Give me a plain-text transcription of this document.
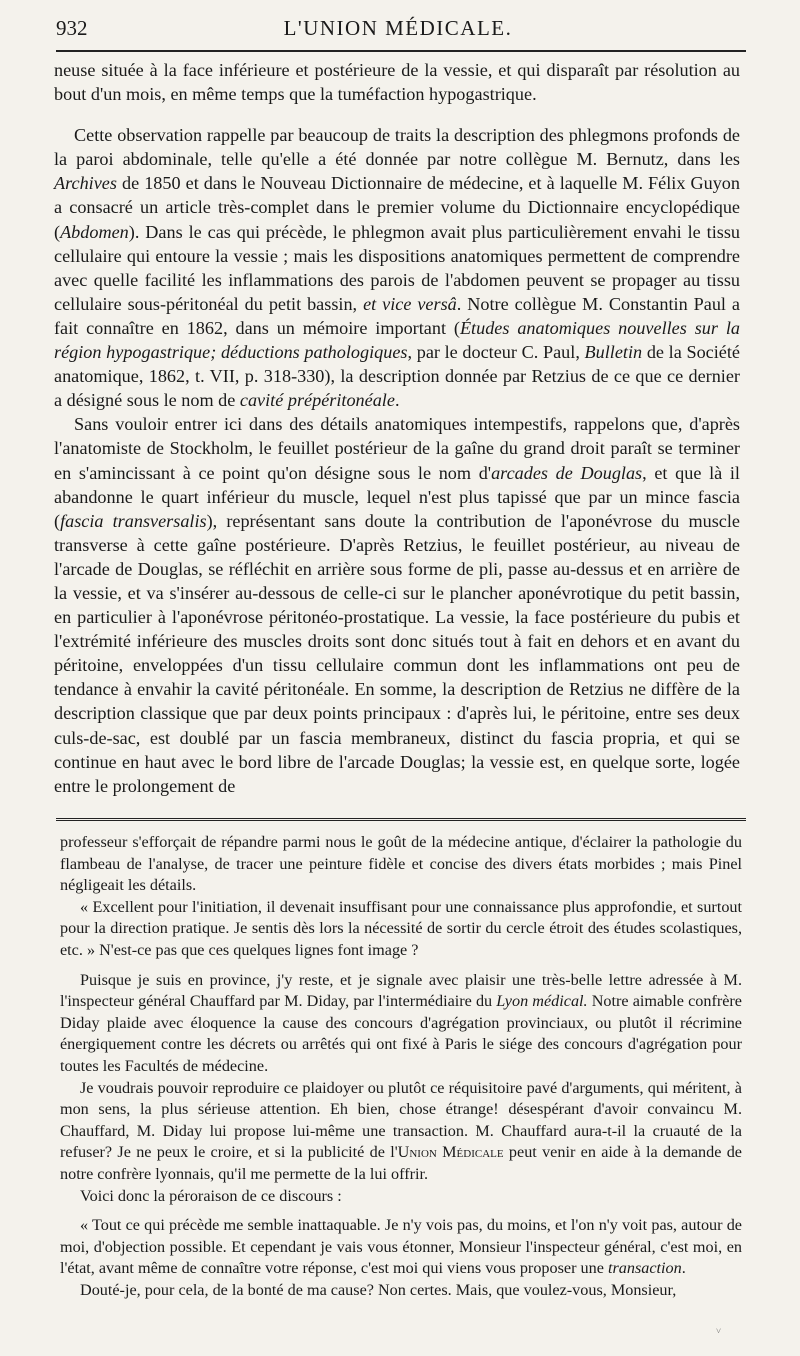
932	L'UNION MÉDICALE.

neuse située à la face inférieure et postérieure de la vessie, et qui disparaît par résolution au bout d'un mois, en même temps que la tuméfaction hypogastrique.

Cette observation rappelle par beaucoup de traits la description des phlegmons profonds de la paroi abdominale, telle qu'elle a été donnée par notre collègue M. Bernutz, dans les Archives de 1850 et dans le Nouveau Dictionnaire de médecine, et à laquelle M. Félix Guyon a consacré un article très-complet dans le premier volume du Dictionnaire encyclopédique (Abdomen). Dans le cas qui précède, le phlegmon avait plus particulièrement envahi le tissu cellulaire qui entoure la vessie ; mais les dispositions anatomiques permettent de comprendre avec quelle facilité les inflammations des parois de l'abdomen peuvent se propager au tissu cellulaire sous-péritonéal du petit bassin, et vice versâ. Notre collègue M. Constantin Paul a fait connaître en 1862, dans un mémoire important (Études anatomiques nouvelles sur la région hypogastrique; déductions pathologiques, par le docteur C. Paul, Bulletin de la Société anatomique, 1862, t. VII, p. 318-330), la description donnée par Retzius de ce que ce dernier a désigné sous le nom de cavité prépéritonéale.

Sans vouloir entrer ici dans des détails anatomiques intempestifs, rappelons que, d'après l'anatomiste de Stockholm, le feuillet postérieur de la gaîne du grand droit paraît se terminer en s'amincissant à ce point qu'on désigne sous le nom d'arcades de Douglas, et que là il abandonne le quart inférieur du muscle, lequel n'est plus tapissé que par un mince fascia (fascia transversalis), représentant sans doute la contribution de l'aponévrose du muscle transverse à cette gaîne postérieure. D'après Retzius, le feuillet postérieur, au niveau de l'arcade de Douglas, se réfléchit en arrière sous forme de pli, passe au-dessus et en arrière de la vessie, et va s'insérer au-dessous de celle-ci sur le plancher aponévrotique du petit bassin, en particulier à l'aponévrose péritonéo-prostatique. La vessie, la face postérieure du pubis et l'extrémité inférieure des muscles droits sont donc situés tout à fait en dehors et en avant du péritoine, enveloppées d'un tissu cellulaire commun dont les inflammations ont peu de tendance à envahir la cavité péritonéale. En somme, la description de Retzius ne diffère de la description classique que par deux points principaux : d'après lui, le péritoine, entre ses deux culs-de-sac, est doublé par un fascia membraneux, distinct du fascia propria, et qui se continue en haut avec le bord libre de l'arcade Douglas; la vessie est, en quelque sorte, logée entre le prolongement de

professeur s'efforçait de répandre parmi nous le goût de la médecine antique, d'éclairer la pathologie du flambeau de l'analyse, de tracer une peinture fidèle et concise des divers états morbides ; mais Pinel négligeait les détails.

« Excellent pour l'initiation, il devenait insuffisant pour une connaissance plus approfondie, et surtout pour la direction pratique. Je sentis dès lors la nécessité de sortir du cercle étroit des études scolastiques, etc. » N'est-ce pas que ces quelques lignes font image ?

Puisque je suis en province, j'y reste, et je signale avec plaisir une très-belle lettre adressée à M. l'inspecteur général Chauffard par M. Diday, par l'intermédiaire du Lyon médical. Notre aimable confrère Diday plaide avec éloquence la cause des concours d'agrégation provinciaux, ou plutôt il récrimine énergiquement contre les décrets ou arrêtés qui ont fixé à Paris le siége des concours d'agrégation pour toutes les Facultés de médecine.

Je voudrais pouvoir reproduire ce plaidoyer ou plutôt ce réquisitoire pavé d'arguments, qui méritent, à mon sens, la plus sérieuse attention. Eh bien, chose étrange! désespérant d'avoir convaincu M. Chauffard, M. Diday lui propose lui-même une transaction. M. Chauffard aura-t-il la cruauté de la refuser? Je ne peux le croire, et si la publicité de l'Union Médicale peut venir en aide à la demande de notre confrère lyonnais, qu'il me permette de la lui offrir.

Voici donc la péroraison de ce discours :

« Tout ce qui précède me semble inattaquable. Je n'y vois pas, du moins, et l'on n'y voit pas, autour de moi, d'objection possible. Et cependant je vais vous étonner, Monsieur l'inspecteur général, c'est moi, en l'état, avant même de connaître votre réponse, c'est moi qui viens vous proposer une transaction.

Douté-je, pour cela, de la bonté de ma cause? Non certes. Mais, que voulez-vous, Monsieur,

˅
